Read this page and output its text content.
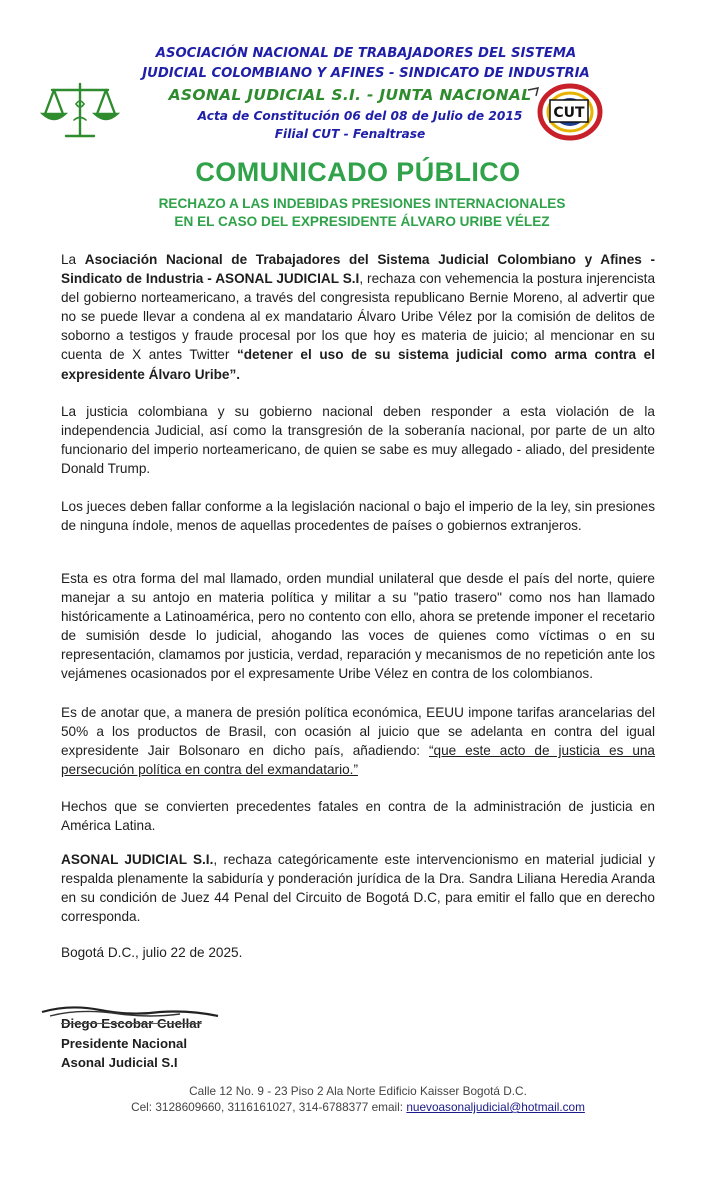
CUT
ASOCIACIÓN NACIONAL DE TRABAJADORES DEL SISTEMA
JUDICIAL COLOMBIANO Y AFINES - SINDICATO DE INDUSTRIA
ASONAL JUDICIAL S.I. - JUNTA NACIONAL
Acta de Constitución 06 del 08 de Julio de 2015
Filial CUT - Fenaltrase
COMUNICADO PÚBLICO
RECHAZO A LAS INDEBIDAS PRESIONES INTERNACIONALES
EN EL CASO DEL EXPRESIDENTE ÁLVARO URIBE VÉLEZ
La Asociación Nacional de Trabajadores del Sistema Judicial Colombiano y Afines - Sindicato de Industria - ASONAL JUDICIAL S.I, rechaza con vehemencia la postura injerencista del gobierno norteamericano, a través del congresista republicano Bernie Moreno, al advertir que no se puede llevar a condena al ex mandatario Álvaro Uribe Vélez por la comisión de delitos de soborno a testigos y fraude procesal por los que hoy es materia de juicio; al mencionar en su cuenta de X antes Twitter “detener el uso de su sistema judicial como arma contra el expresidente Álvaro Uribe”.
La justicia colombiana y su gobierno nacional deben responder a esta violación de la independencia Judicial, así como la transgresión de la soberanía nacional, por parte de un alto funcionario del imperio norteamericano, de quien se sabe es muy allegado - aliado, del presidente Donald Trump.
Los jueces deben fallar conforme a la legislación nacional o bajo el imperio de la ley, sin presiones de ninguna índole, menos de aquellas procedentes de países o gobiernos extranjeros.
Esta es otra forma del mal llamado, orden mundial unilateral que desde el país del norte, quiere manejar a su antojo en materia política y militar a su "patio trasero" como nos han llamado históricamente a Latinoamérica, pero no contento con ello, ahora se pretende imponer el recetario de sumisión desde lo judicial, ahogando las voces de quienes como víctimas o en su representación, clamamos por justicia, verdad, reparación y mecanismos de no repetición ante los vejámenes ocasionados por el expresamente Uribe Vélez en contra de los colombianos.
Es de anotar que, a manera de presión política económica, EEUU impone tarifas arancelarias del 50% a los productos de Brasil, con ocasión al juicio que se adelanta en contra del igual expresidente Jair Bolsonaro en dicho país, añadiendo: “que este acto de justicia es una persecución política en contra del exmandatario.”
Hechos que se convierten precedentes fatales en contra de la administración de justicia en América Latina.
ASONAL JUDICIAL S.I., rechaza categóricamente este intervencionismo en material judicial y respalda plenamente la sabiduría y ponderación jurídica de la Dra. Sandra Liliana Heredia Aranda en su condición de Juez 44 Penal del Circuito de Bogotá D.C, para emitir el fallo que en derecho corresponda.
Bogotá D.C., julio 22 de 2025.
Diego Escobar Cuellar
Presidente Nacional
Asonal Judicial S.I
Calle 12 No. 9 - 23 Piso 2 Ala Norte Edificio Kaisser Bogotá D.C.
Cel: 3128609660, 3116161027, 314-6788377 email: nuevoasonaljudicial@hotmail.com
